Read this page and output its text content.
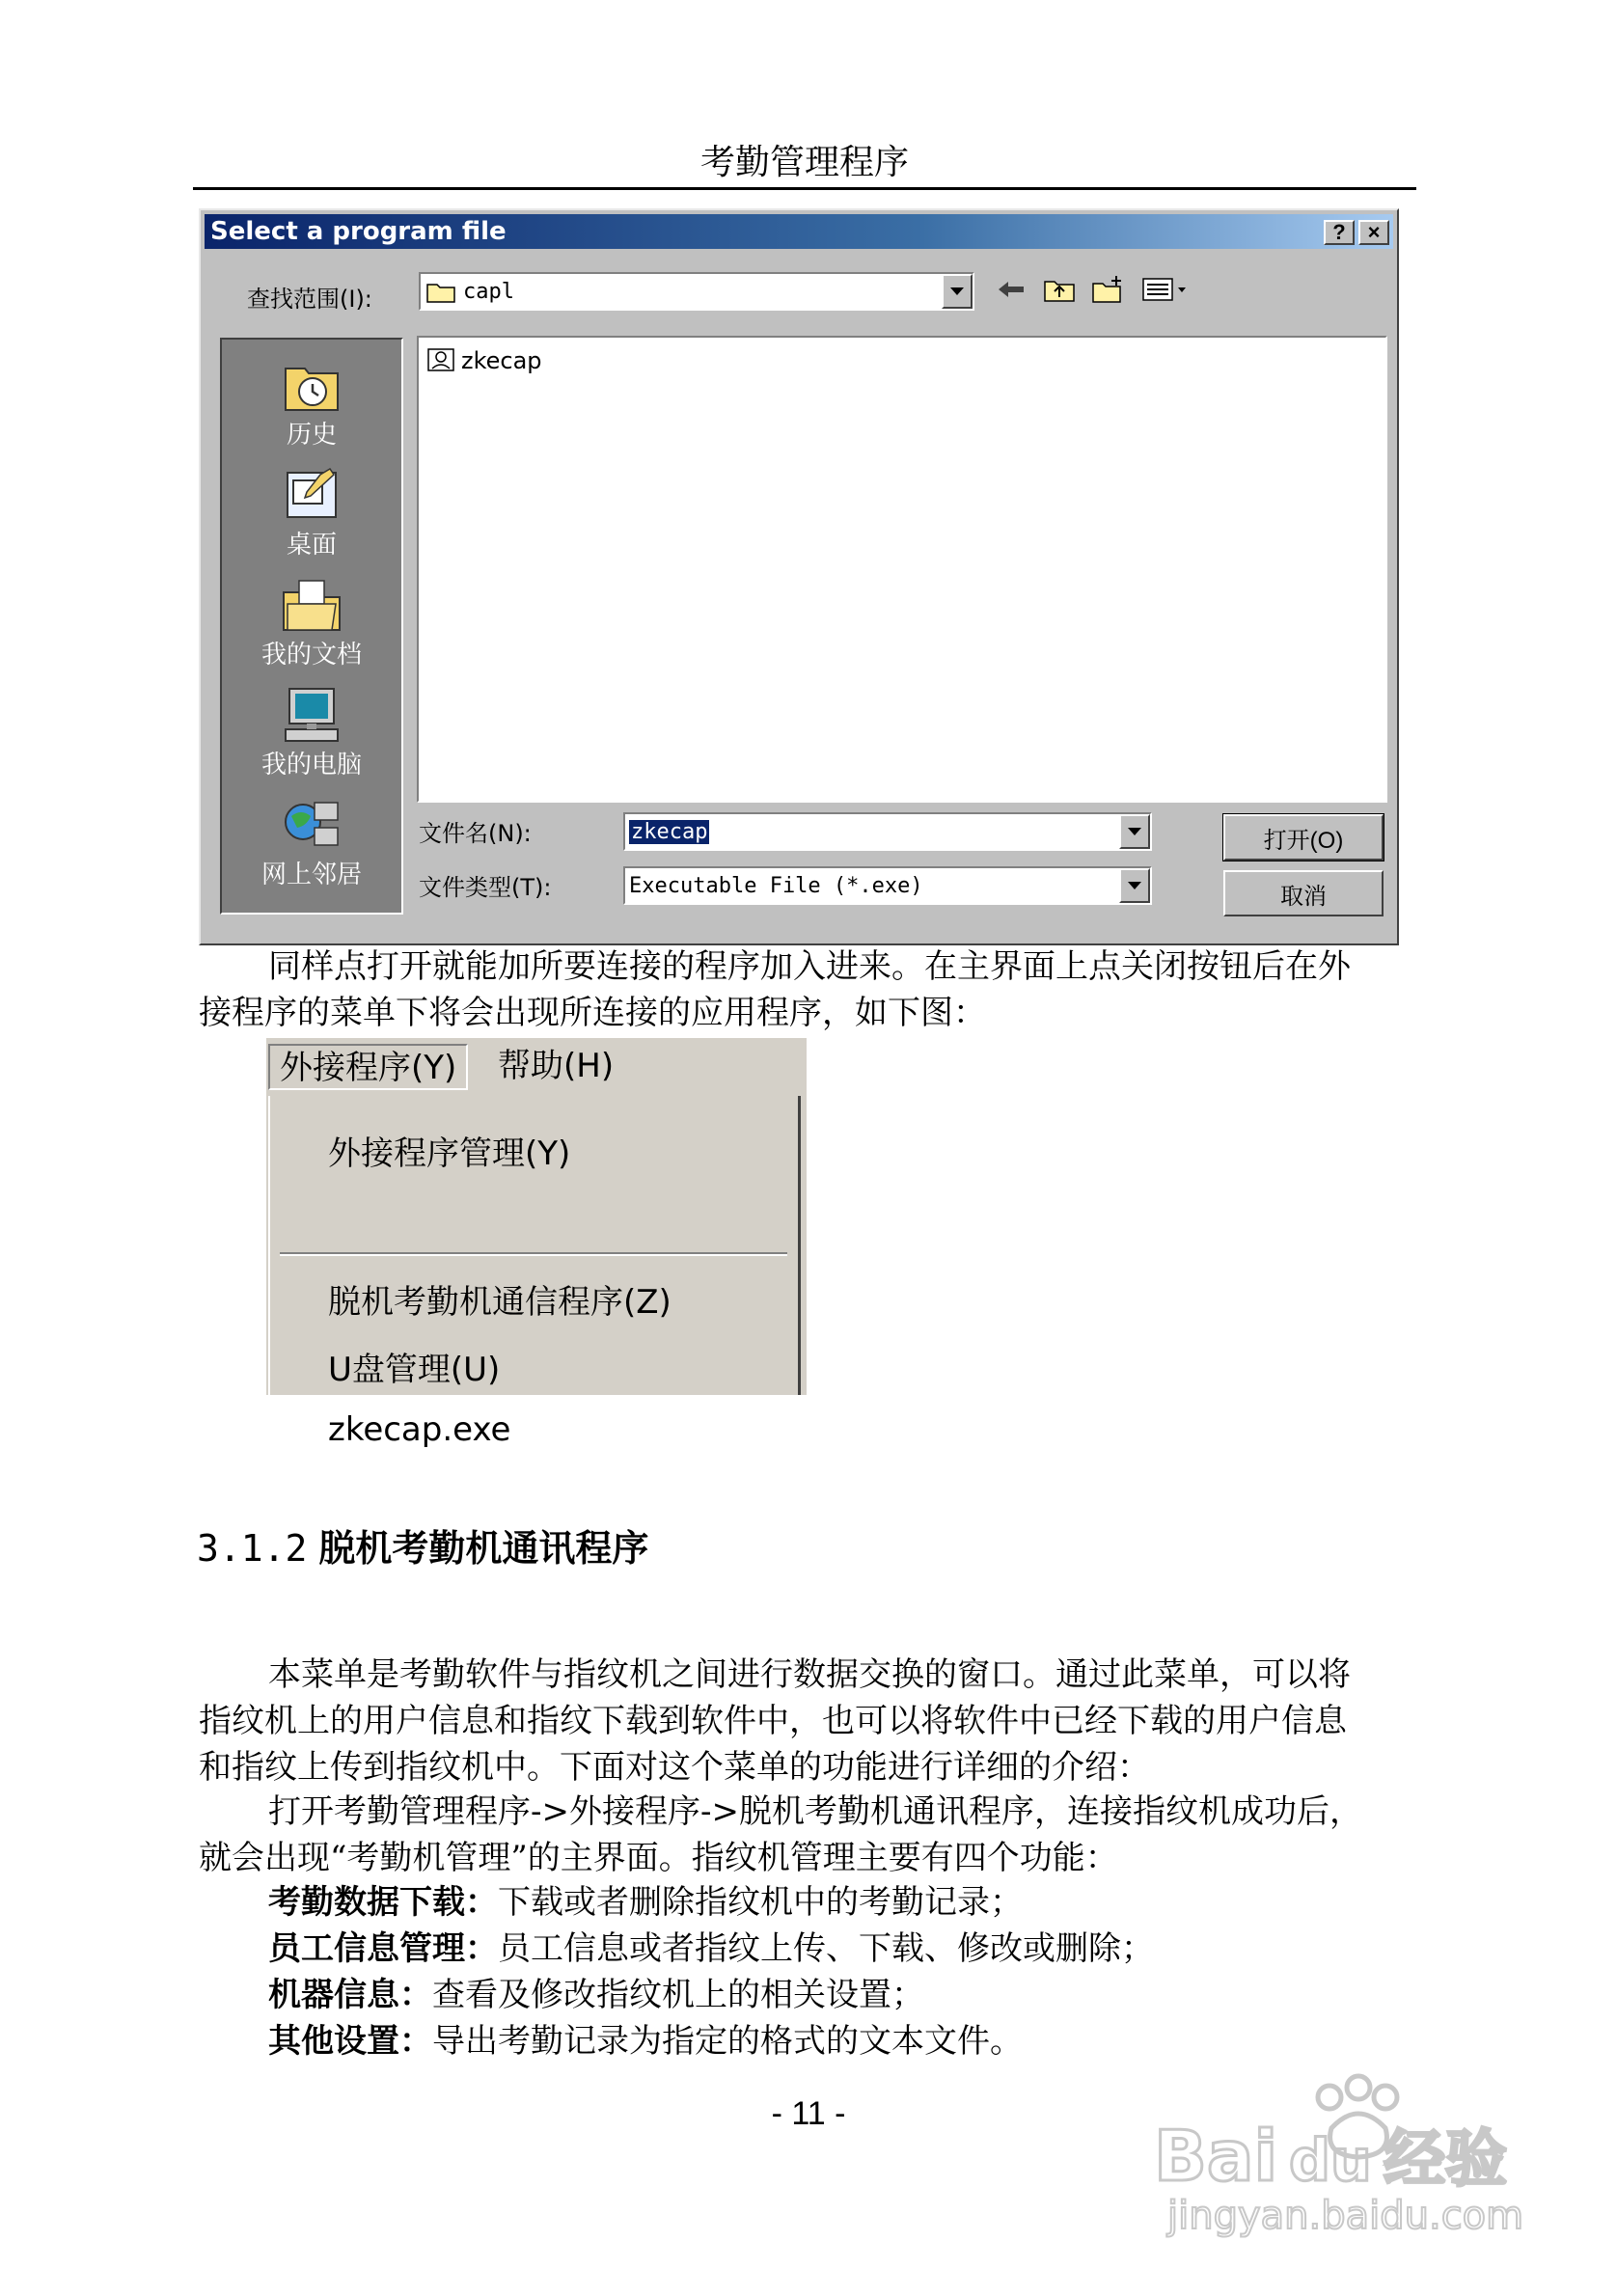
考勤管理程序
Select a program file	?	×
查找范围(I):	capl
历史
桌面
我的文档
我的电脑
网上邻居
zkecap
文件名(N):	zkecap
文件类型(T):	Executable File (*.exe)
打开(O)
取消
同样点打开就能加所要连接的程序加入进来。在主界面上点关闭按钮后在外
接程序的菜单下将会出现所连接的应用程序，如下图：
外接程序(Y)	帮助(H)
外接程序管理(Y)
脱机考勤机通信程序(Z)
U盘管理(U)
zkecap.exe
3.1.2 脱机考勤机通讯程序
本菜单是考勤软件与指纹机之间进行数据交换的窗口。通过此菜单，可以将
指纹机上的用户信息和指纹下载到软件中，也可以将软件中已经下载的用户信息
和指纹上传到指纹机中。下面对这个菜单的功能进行详细的介绍：
打开考勤管理程序->外接程序->脱机考勤机通讯程序，连接指纹机成功后，
就会出现“考勤机管理”的主界面。指纹机管理主要有四个功能：
考勤数据下载：下载或者删除指纹机中的考勤记录；
员工信息管理：员工信息或者指纹上传、下载、修改或删除；
机器信息：查看及修改指纹机上的相关设置；
其他设置：导出考勤记录为指定的格式的文本文件。
- 11 -
Bai du 经验
jingyan.baidu.com
